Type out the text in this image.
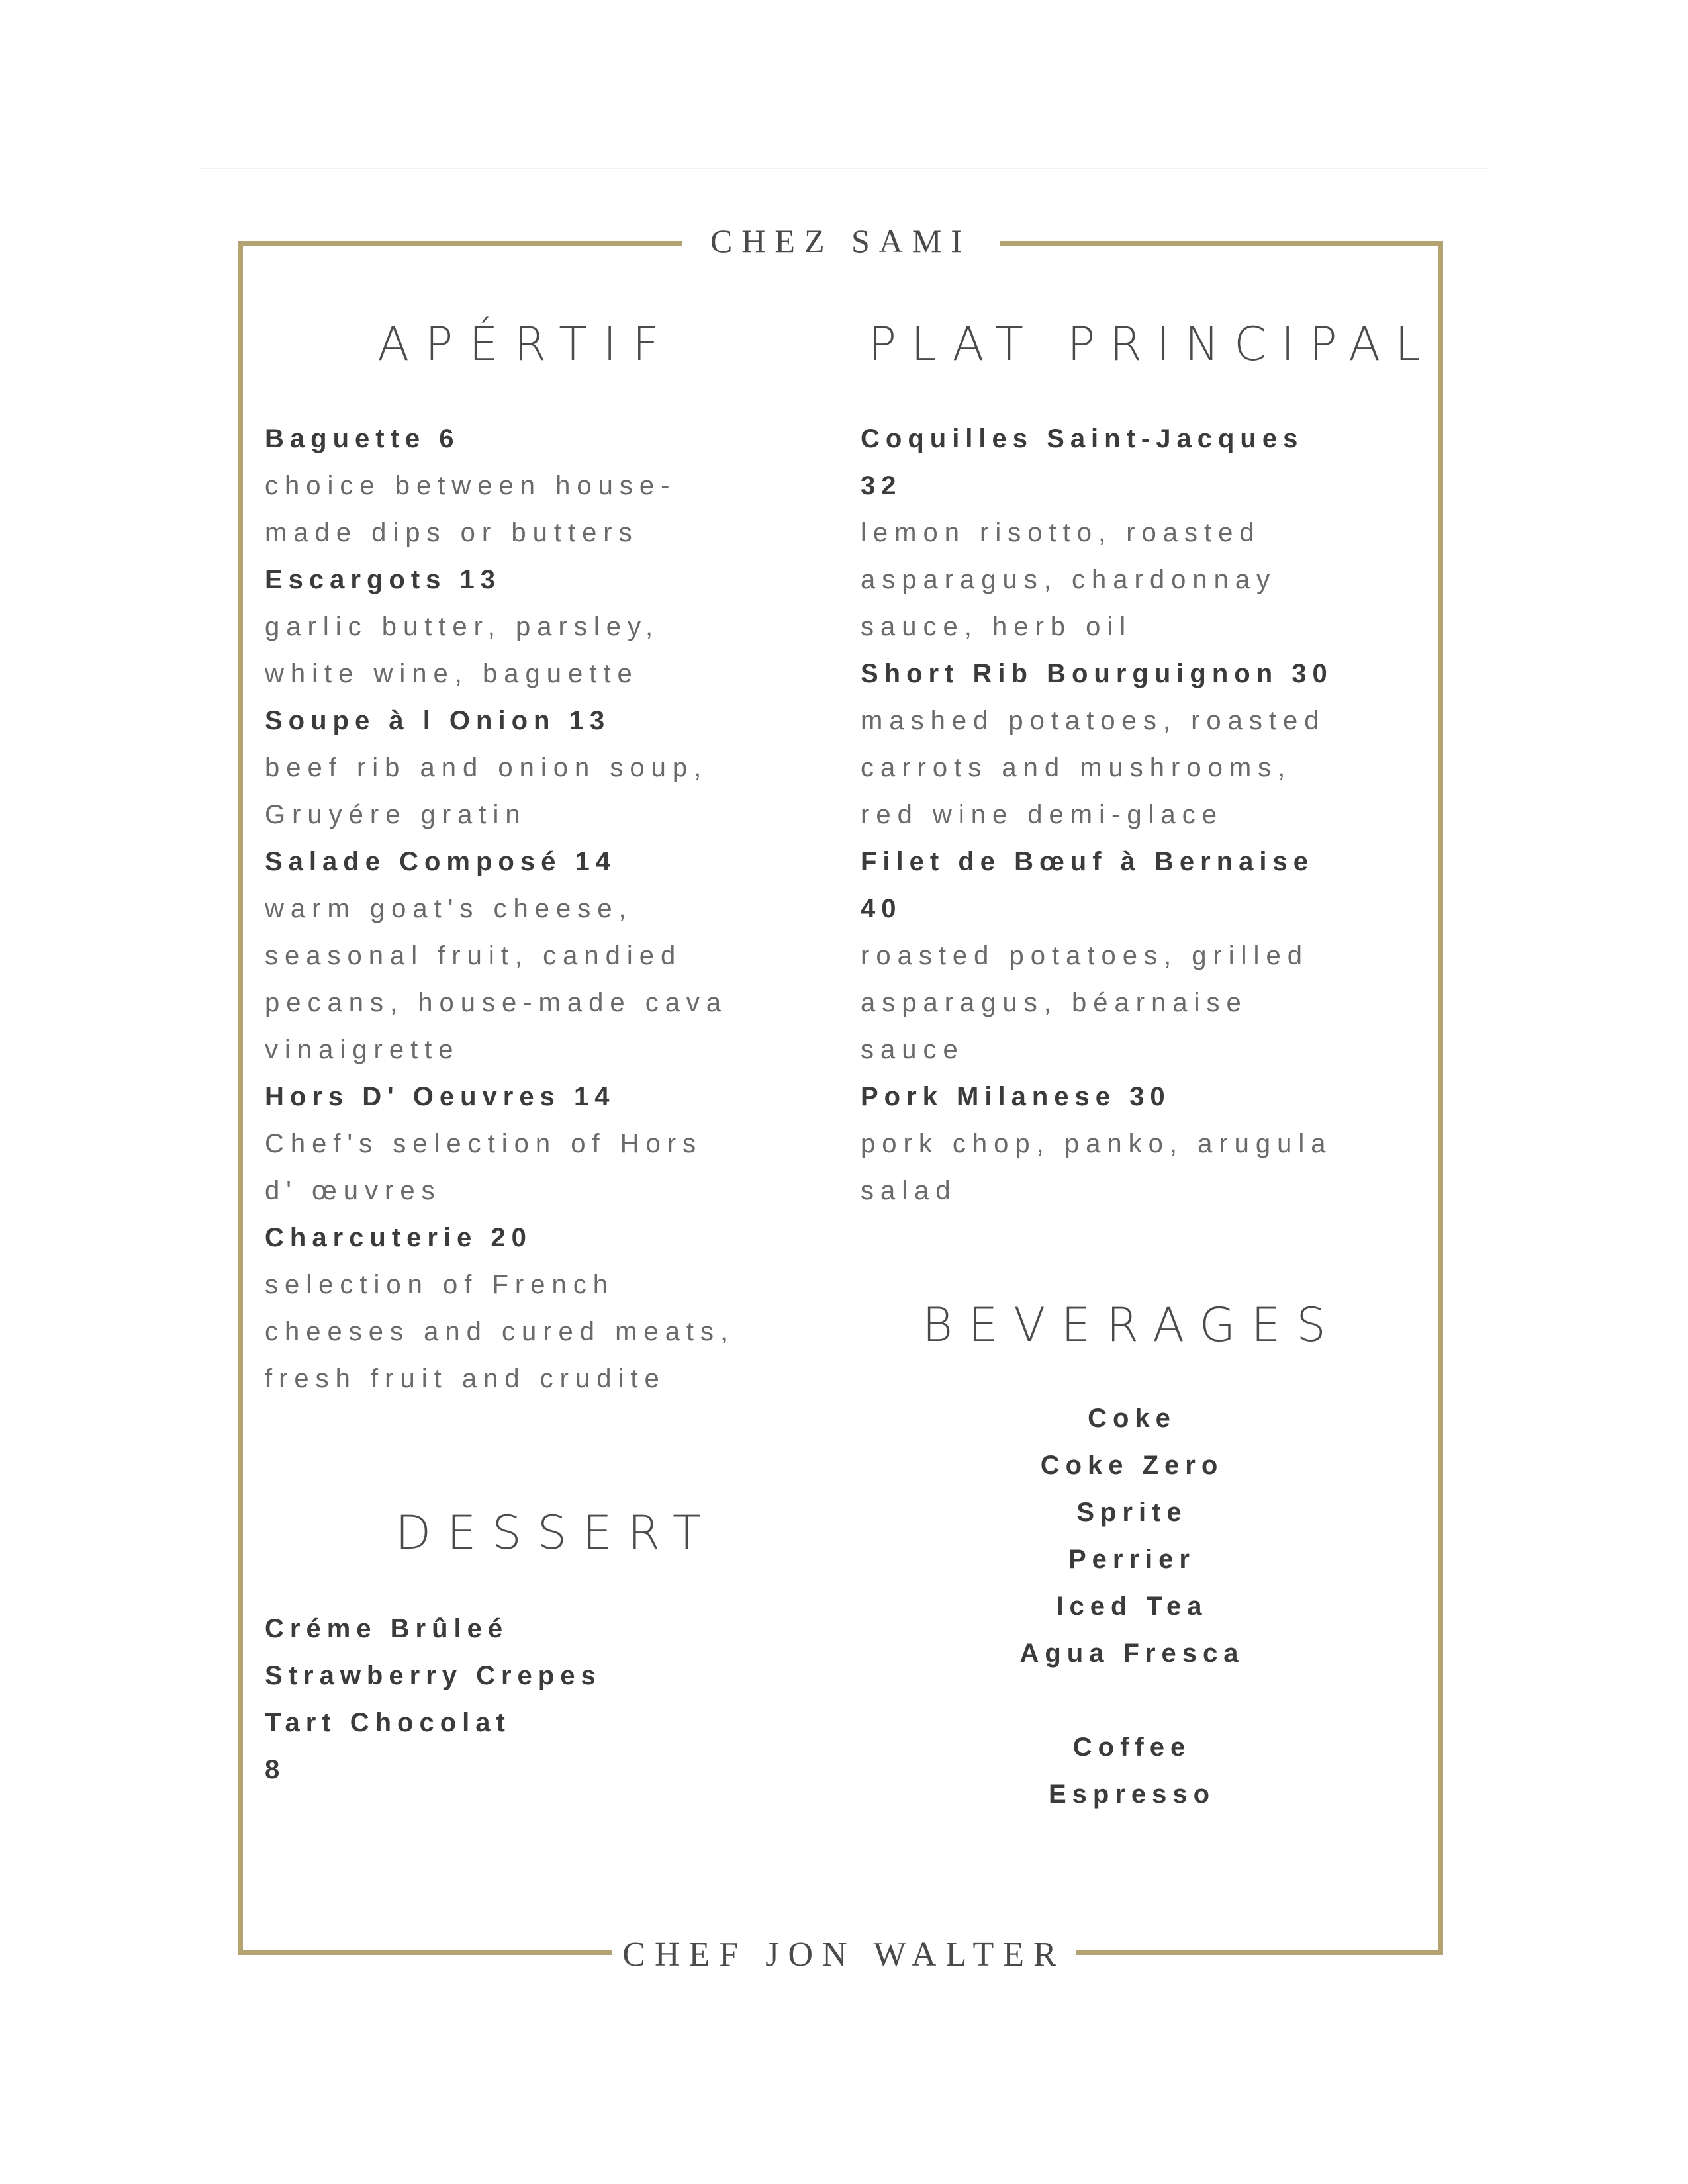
CHEZ SAMI
CHEF JON WALTER
APÉRTIF

Baguette 6

choice between house-

made dips or butters

Escargots 13

garlic butter, parsley,

white wine, baguette

Soupe à l Onion 13

beef rib and onion soup,

Gruyére gratin

Salade Composé 14

warm goat's cheese,

seasonal fruit, candied

pecans, house-made cava

vinaigrette

Hors D' Oeuvres 14

Chef's selection of Hors

d' œuvres

Charcuterie 20

selection of French

cheeses and cured meats,

fresh fruit and crudite

PLAT PRINCIPAL

Coquilles Saint-Jacques

32

lemon risotto, roasted

asparagus, chardonnay

sauce, herb oil

Short Rib Bourguignon 30

mashed potatoes, roasted

carrots and mushrooms,

red wine demi-glace

Filet de Bœuf à Bernaise

40

roasted potatoes, grilled

asparagus, béarnaise

sauce

Pork Milanese 30

pork chop, panko, arugula

salad

DESSERT

Créme Brûleé

Strawberry Crepes

Tart Chocolat

8

BEVERAGES

Coke

Coke Zero

Sprite

Perrier

Iced Tea

Agua Fresca

Coffee

Espresso
